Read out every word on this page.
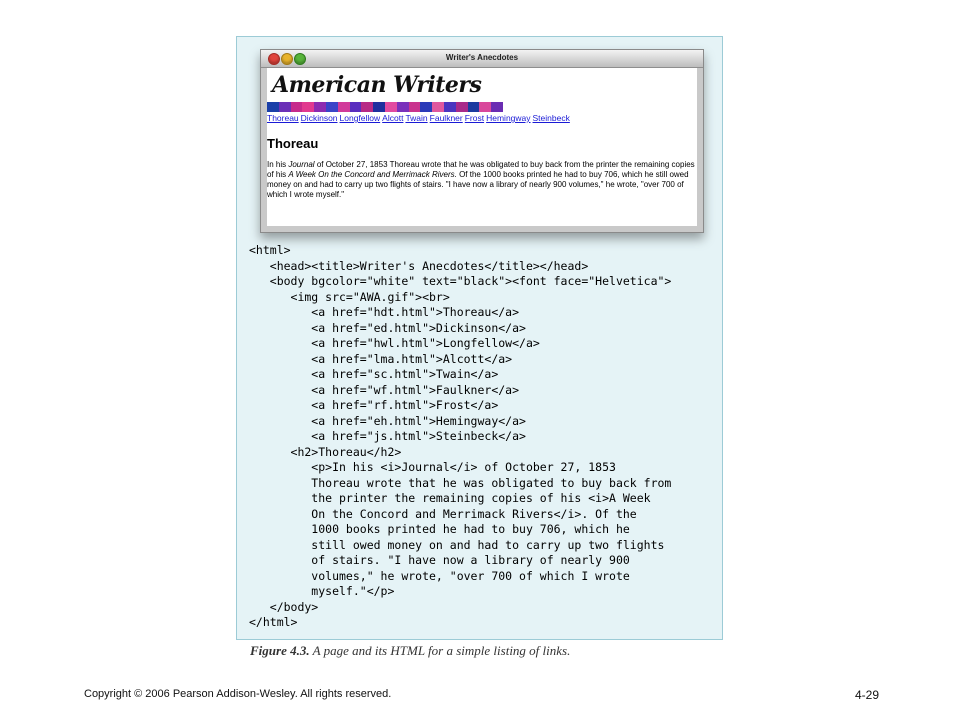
Writer's Anecdotes
American Writers
Thoreau Dickinson Longfellow Alcott Twain Faulkner Frost Hemingway Steinbeck
Thoreau
In his Journal of October 27, 1853 Thoreau wrote that he was obligated to buy back from the printer the remaining copies of his A Week On the Concord and Merrimack Rivers. Of the 1000 books printed he had to buy 706, which he still owed money on and had to carry up two flights of stairs. "I have now a library of nearly 900 volumes," he wrote, "over 700 of which I wrote myself."
<html>
<head><title>Writer's Anecdotes</title></head>
<body bgcolor="white" text="black"><font face="Helvetica">
<img src="AWA.gif"><br>
<a href="hdt.html">Thoreau</a>
<a href="ed.html">Dickinson</a>
<a href="hwl.html">Longfellow</a>
<a href="lma.html">Alcott</a>
<a href="sc.html">Twain</a>
<a href="wf.html">Faulkner</a>
<a href="rf.html">Frost</a>
<a href="eh.html">Hemingway</a>
<a href="js.html">Steinbeck</a>
<h2>Thoreau</h2>
<p>In his <i>Journal</i> of October 27, 1853
Thoreau wrote that he was obligated to buy back from
the printer the remaining copies of his <i>A Week
On the Concord and Merrimack Rivers</i>. Of the
1000 books printed he had to buy 706, which he
still owed money on and had to carry up two flights
of stairs. "I have now a library of nearly 900
volumes," he wrote, "over 700 of which I wrote
myself."</p>
</body>
</html>
Figure 4.3. A page and its HTML for a simple listing of links.
Copyright © 2006 Pearson Addison-Wesley. All rights reserved.	4-29
